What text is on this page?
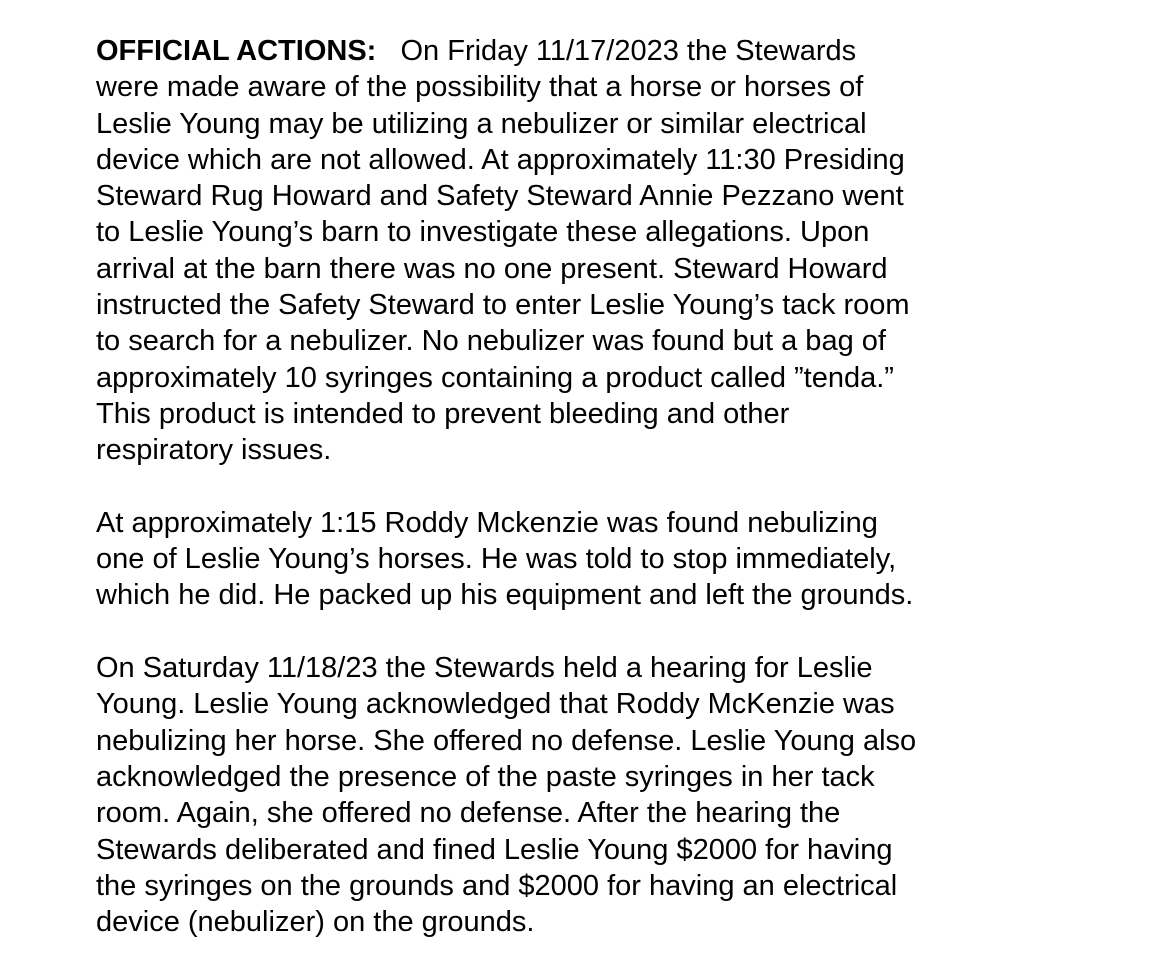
OFFICIAL ACTIONS:   On Friday 11/17/2023 the Stewards
were made aware of the possibility that a horse or horses of
Leslie Young may be utilizing a nebulizer or similar electrical
device which are not allowed. At approximately 11:30 Presiding
Steward Rug Howard and Safety Steward Annie Pezzano went
to Leslie Young’s barn to investigate these allegations. Upon
arrival at the barn there was no one present. Steward Howard
instructed the Safety Steward to enter Leslie Young’s tack room
to search for a nebulizer. No nebulizer was found but a bag of
approximately 10 syringes containing a product called ”tenda.”
This product is intended to prevent bleeding and other
respiratory issues.
At approximately 1:15 Roddy Mckenzie was found nebulizing
one of Leslie Young’s horses. He was told to stop immediately,
which he did. He packed up his equipment and left the grounds.
On Saturday 11/18/23 the Stewards held a hearing for Leslie
Young. Leslie Young acknowledged that Roddy McKenzie was
nebulizing her horse. She offered no defense. Leslie Young also
acknowledged the presence of the paste syringes in her tack
room. Again, she offered no defense. After the hearing the
Stewards deliberated and fined Leslie Young $2000 for having
the syringes on the grounds and $2000 for having an electrical
device (nebulizer) on the grounds.
